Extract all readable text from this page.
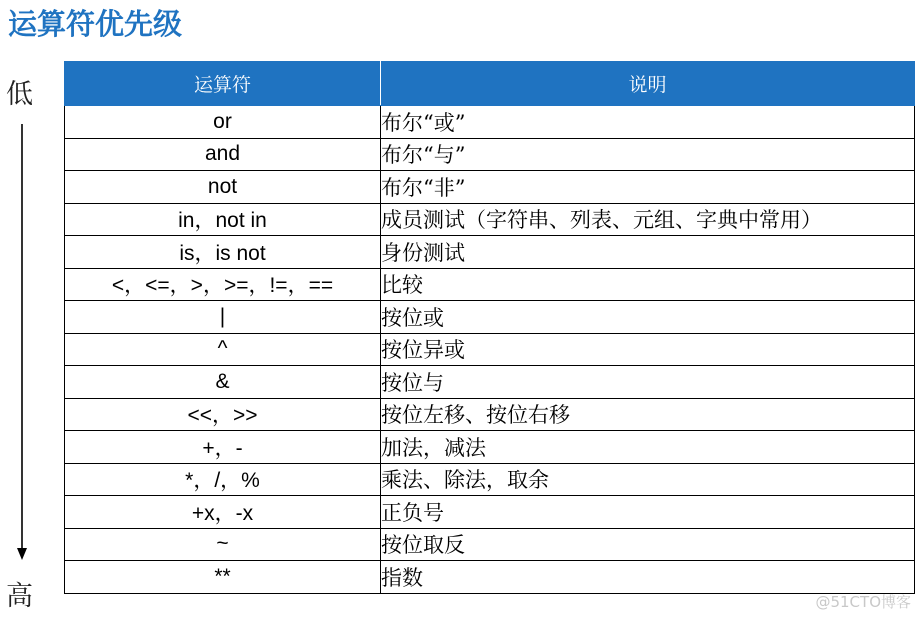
运算符优先级
低
高
运算符	说明
or	布尔“或”
and	布尔“与”
not	布尔“非”
in，not in	成员测试（字符串、列表、元组、字典中常用）
is，is not	身份测试
<，<=，>，>=，!=，==	比较
|	按位或
^	按位异或
&	按位与
<<，>>	按位左移、按位右移
+，-	加法，减法
*，/，%	乘法、除法，取余
+x，-x	正负号
~	按位取反
**	指数
@51CTO博客
